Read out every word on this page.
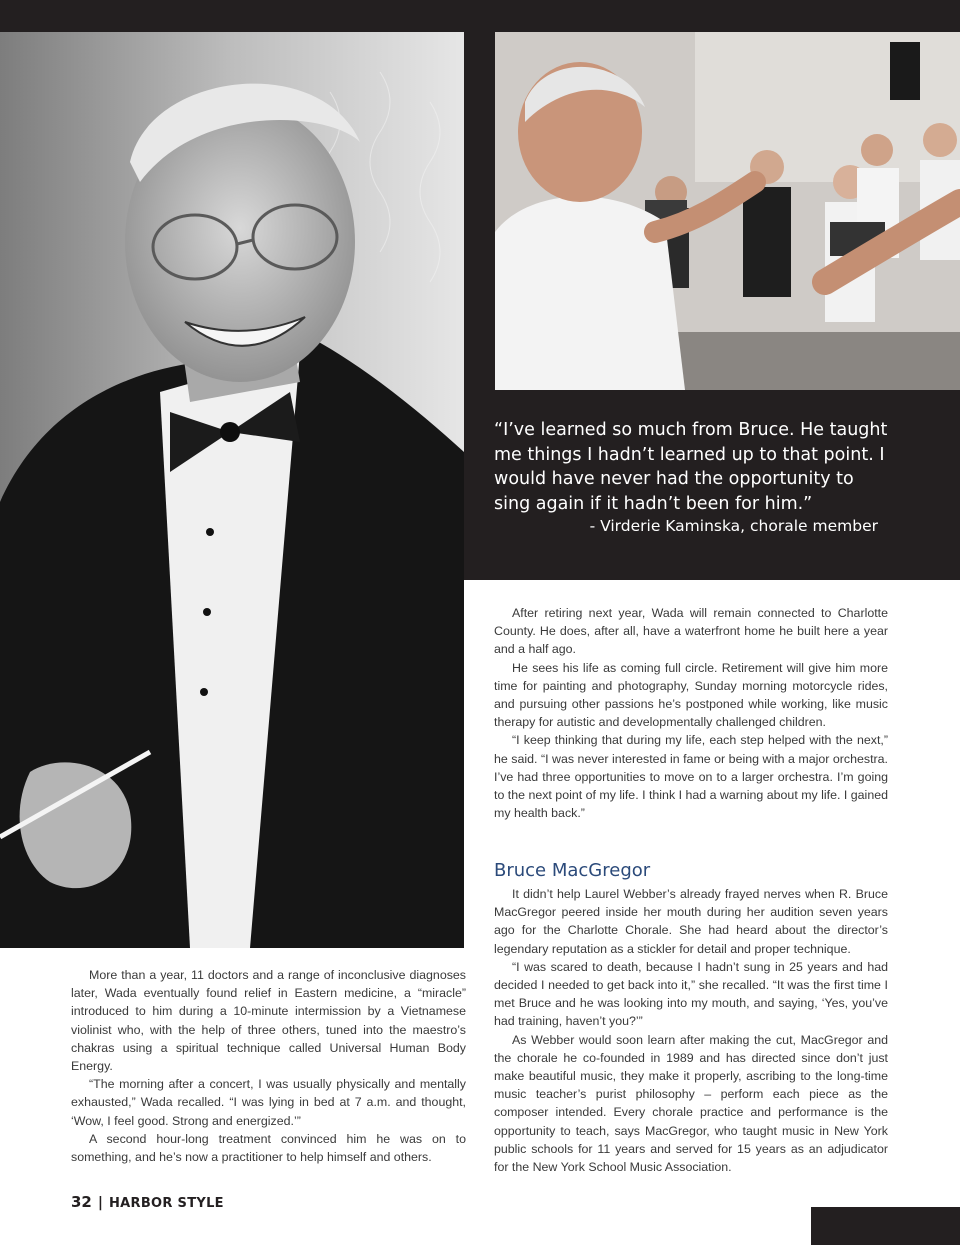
“I’ve learned so much from Bruce. He taught me things I hadn’t learned up to that point. I would have never had the opportunity to sing again if it hadn’t been for him.”

- Virderie Kaminska, chorale member

After retiring next year, Wada will remain connected to Charlotte County. He does, after all, have a waterfront home he built here a year and a half ago.

He sees his life as coming full circle. Retirement will give him more time for painting and photography, Sunday morning motorcycle rides, and pursuing other passions he’s postponed while working, like music therapy for autistic and developmentally challenged children.

“I keep thinking that during my life, each step helped with the next,” he said. “I was never interested in fame or being with a major orchestra. I’ve had three opportunities to move on to a larger orchestra. I’m going to the next point of my life. I think I had a warning about my life. I gained my health back.”

Bruce MacGregor

It didn’t help Laurel Webber’s already frayed nerves when R. Bruce MacGregor peered inside her mouth during her audition seven years ago for the Charlotte Chorale. She had heard about the director’s legendary reputation as a stickler for detail and proper technique.

“I was scared to death, because I hadn’t sung in 25 years and had decided I needed to get back into it,” she recalled. “It was the first time I met Bruce and he was looking into my mouth, and saying, ‘Yes, you’ve had training, haven’t you?’”

As Webber would soon learn after making the cut, MacGregor and the chorale he co-founded in 1989 and has directed since don’t just make beautiful music, they make it properly, ascribing to the long-time music teacher’s purist philosophy – perform each piece as the composer intended. Every chorale practice and performance is the opportunity to teach, says MacGregor, who taught music in New York public schools for 11 years and served for 15 years as an adjudicator for the New York School Music Association.

More than a year, 11 doctors and a range of inconclusive diagnoses later, Wada eventually found relief in Eastern medicine, a “miracle” introduced to him during a 10-minute intermission by a Vietnamese violinist who, with the help of three others, tuned into the maestro’s chakras using a spiritual technique called Universal Human Body Energy.

“The morning after a concert, I was usually physically and mentally exhausted,” Wada recalled. “I was lying in bed at 7 a.m. and thought, ‘Wow, I feel good. Strong and energized.’”

A second hour-long treatment convinced him he was on to something, and he’s now a practitioner to help himself and others.

32 | HARBOR STYLE
